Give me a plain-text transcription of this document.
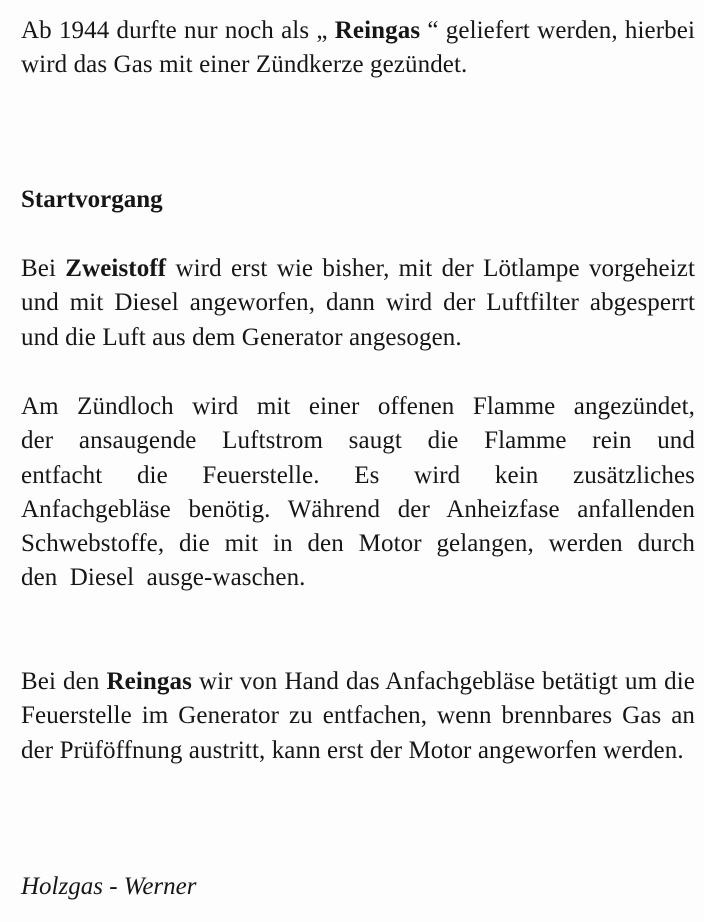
Ab 1944 durfte nur noch als „ Reingas “ geliefert werden, hierbei wird das Gas mit einer Zündkerze gezündet.

Startvorgang

Bei Zweistoff wird erst wie bisher, mit der Lötlampe vorgeheizt und mit Diesel angeworfen, dann wird der Luftfilter abgesperrt und die Luft aus dem Generator angesogen.

Am Zündloch wird mit einer offenen Flamme angezündet, der ansaugende Luftstrom saugt die Flamme rein und entfacht die Feuerstelle. Es wird kein zusätzliches Anfachgebläse benötig. Während der Anheizfase anfallenden Schwebstoffe, die mit in den Motor gelangen, werden durch den Diesel ausge-waschen.

Bei den Reingas wir von Hand das Anfachgebläse betätigt um die Feuerstelle im Generator zu entfachen, wenn brennbares Gas an der Prüföffnung austritt, kann erst der Motor angeworfen werden.

Holzgas - Werner
